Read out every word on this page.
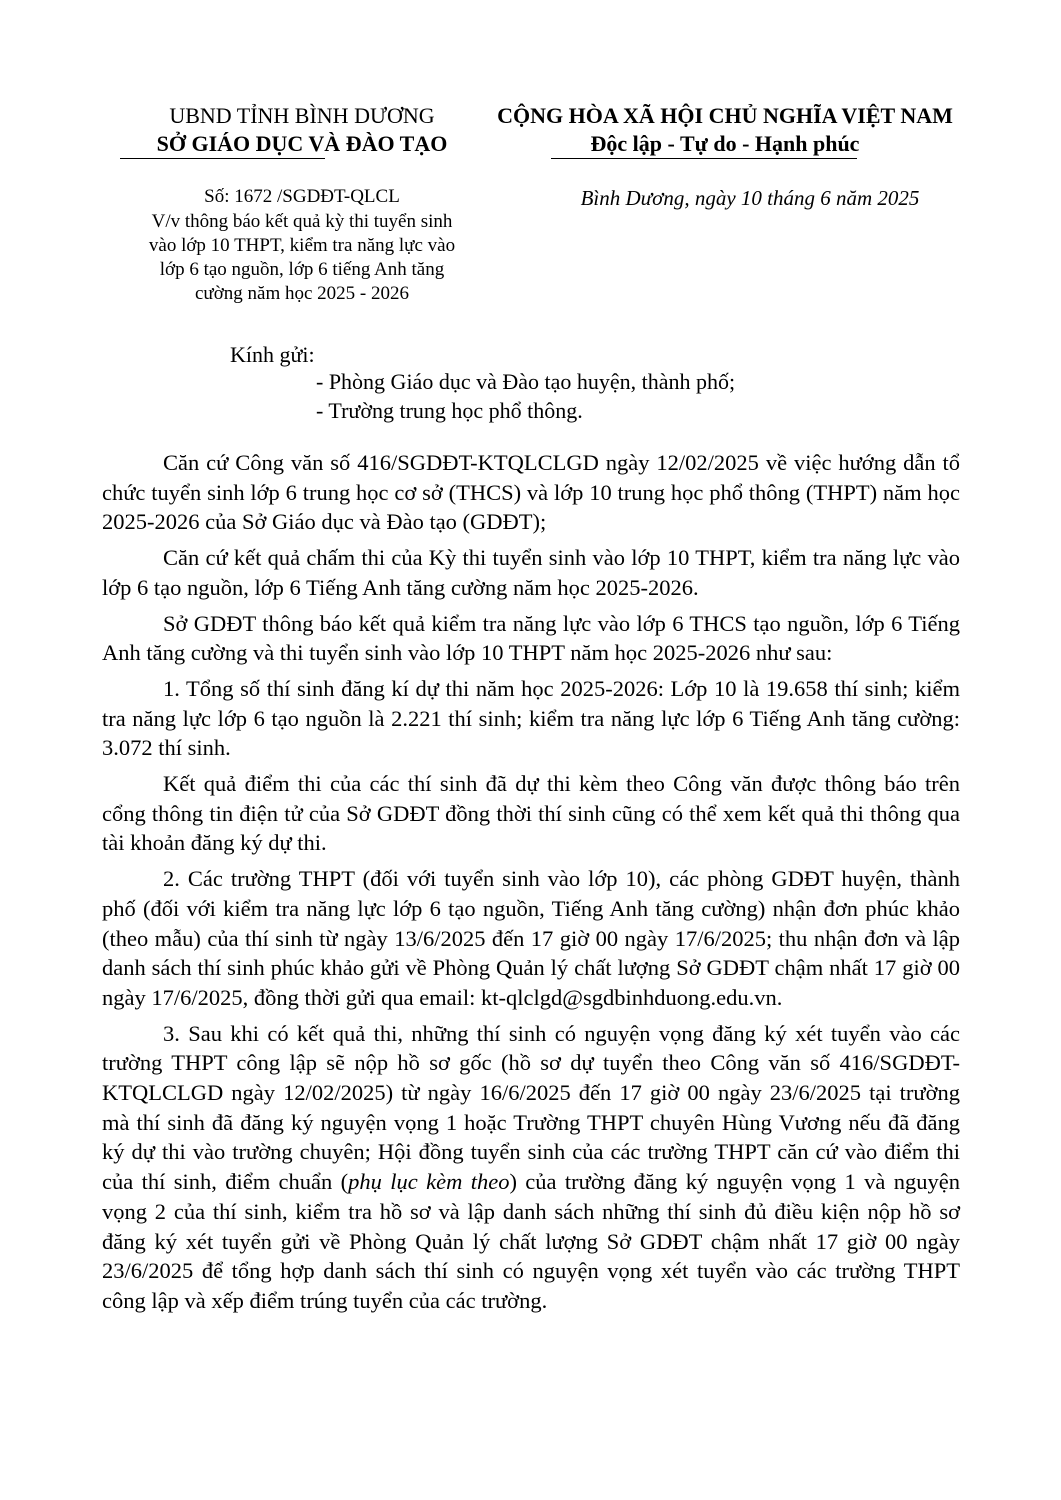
UBND TỈNH BÌNH DƯƠNG
SỞ GIÁO DỤC VÀ ĐÀO TẠO
CỘNG HÒA XÃ HỘI CHỦ NGHĨA VIỆT NAM
Độc lập - Tự do - Hạnh phúc
Số: 1672 /SGDĐT-QLCL
V/v thông báo kết quả kỳ thi tuyển sinh
vào lớp 10 THPT, kiểm tra năng lực vào
lớp 6 tạo nguồn, lớp 6 tiếng Anh tăng
cường năm học 2025 - 2026
Bình Dương, ngày 10 tháng 6 năm 2025
Kính gửi:
- Phòng Giáo dục và Đào tạo huyện, thành phố;
- Trường trung học phổ thông.

Căn cứ Công văn số 416/SGDĐT-KTQLCLGD ngày 12/02/2025 về việc hướng dẫn tổ chức tuyển sinh lớp 6 trung học cơ sở (THCS) và lớp 10 trung học phổ thông (THPT) năm học 2025-2026 của Sở Giáo dục và Đào tạo (GDĐT);

Căn cứ kết quả chấm thi của Kỳ thi tuyển sinh vào lớp 10 THPT, kiểm tra năng lực vào lớp 6 tạo nguồn, lớp 6 Tiếng Anh tăng cường năm học 2025-2026.

Sở GDĐT thông báo kết quả kiểm tra năng lực vào lớp 6 THCS tạo nguồn, lớp 6 Tiếng Anh tăng cường và thi tuyển sinh vào lớp 10 THPT năm học 2025-2026 như sau:

1. Tổng số thí sinh đăng kí dự thi năm học 2025-2026: Lớp 10 là 19.658 thí sinh; kiểm tra năng lực lớp 6 tạo nguồn là 2.221 thí sinh; kiểm tra năng lực lớp 6 Tiếng Anh tăng cường: 3.072 thí sinh.

Kết quả điểm thi của các thí sinh đã dự thi kèm theo Công văn được thông báo trên cổng thông tin điện tử của Sở GDĐT đồng thời thí sinh cũng có thể xem kết quả thi thông qua tài khoản đăng ký dự thi.

2. Các trường THPT (đối với tuyển sinh vào lớp 10), các phòng GDĐT huyện, thành phố (đối với kiểm tra năng lực lớp 6 tạo nguồn, Tiếng Anh tăng cường) nhận đơn phúc khảo (theo mẫu) của thí sinh từ ngày 13/6/2025 đến 17 giờ 00 ngày 17/6/2025; thu nhận đơn và lập danh sách thí sinh phúc khảo gửi về Phòng Quản lý chất lượng Sở GDĐT chậm nhất 17 giờ 00 ngày 17/6/2025, đồng thời gửi qua email: kt-qlclgd@sgdbinhduong.edu.vn.

3. Sau khi có kết quả thi, những thí sinh có nguyện vọng đăng ký xét tuyển vào các trường THPT công lập sẽ nộp hồ sơ gốc (hồ sơ dự tuyển theo Công văn số 416/SGDĐT-KTQLCLGD ngày 12/02/2025) từ ngày 16/6/2025 đến 17 giờ 00 ngày 23/6/2025 tại trường mà thí sinh đã đăng ký nguyện vọng 1 hoặc Trường THPT chuyên Hùng Vương nếu đã đăng ký dự thi vào trường chuyên; Hội đồng tuyển sinh của các trường THPT căn cứ vào điểm thi của thí sinh, điểm chuẩn (phụ lục kèm theo) của trường đăng ký nguyện vọng 1 và nguyện vọng 2 của thí sinh, kiểm tra hồ sơ và lập danh sách những thí sinh đủ điều kiện nộp hồ sơ đăng ký xét tuyển gửi về Phòng Quản lý chất lượng Sở GDĐT chậm nhất 17 giờ 00 ngày 23/6/2025 để tổng hợp danh sách thí sinh có nguyện vọng xét tuyển vào các trường THPT công lập và xếp điểm trúng tuyển của các trường.
